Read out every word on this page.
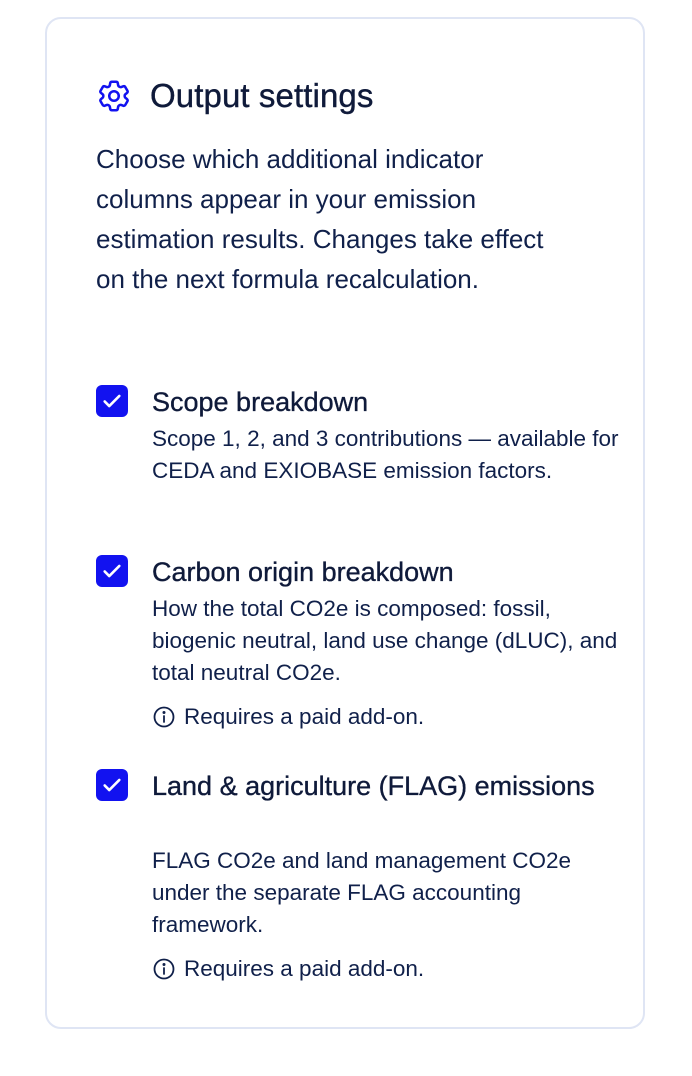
Output settings
Choose which additional indicator columns appear in your emission estimation results. Changes take effect on the next formula recalculation.
Scope breakdown
Scope 1, 2, and 3 contributions — available for CEDA and EXIOBASE emission factors.
Carbon origin breakdown
How the total CO2e is composed: fossil, biogenic neutral, land use change (dLUC), and total neutral CO2e.
Requires a paid add-on.
Land & agriculture (FLAG) emissions
FLAG CO2e and land management CO2e under the separate FLAG accounting framework.
Requires a paid add-on.
